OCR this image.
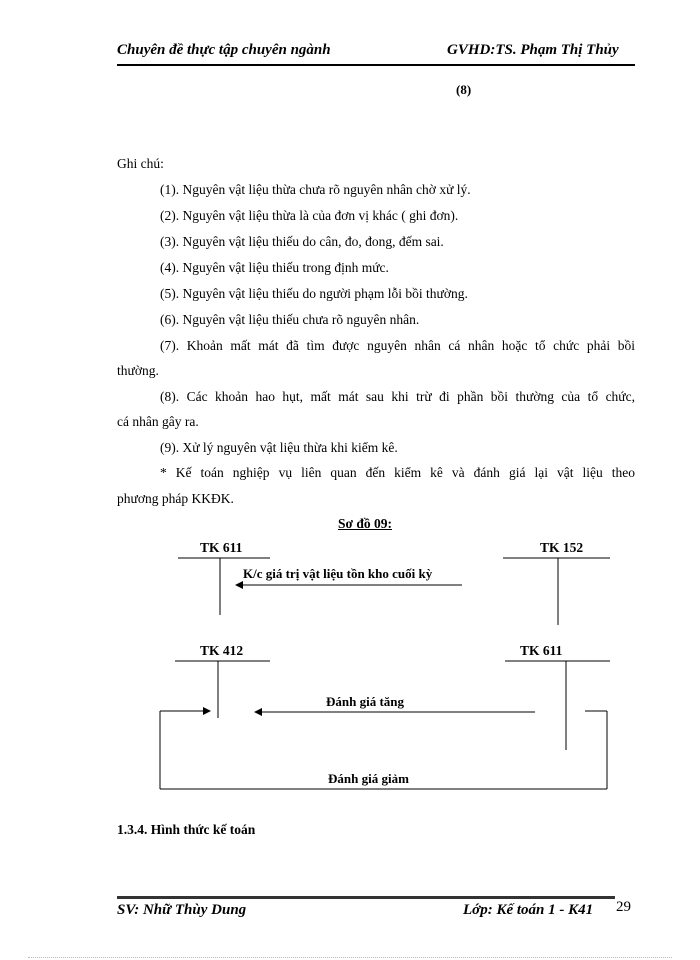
Chuyên đề thực tập chuyên ngành	GVHD:TS. Phạm Thị Thủy
(8)
Ghi chú:
(1). Nguyên vật liệu thừa chưa rõ nguyên nhân chờ xử lý.
(2). Nguyên vật liệu thừa là của đơn vị khác ( ghi đơn).
(3). Nguyên vật liệu thiếu do cân, đo, đong, đếm sai.
(4). Nguyên vật liệu thiếu trong định mức.
(5). Nguyên vật liệu thiếu do người phạm lỗi bồi thường.
(6). Nguyên vật liệu thiếu chưa rõ nguyên nhân.
(7). Khoản mất mát đã tìm được nguyên nhân cá nhân hoặc tổ chức phải bồi
thường.
(8). Các khoản hao hụt, mất mát sau khi trừ đi phần bồi thường của tổ chức,
cá nhân gây ra.
(9). Xử lý nguyên vật liệu thừa khi kiểm kê.
* Kế toán nghiệp vụ liên quan đến kiểm kê và đánh giá lại vật liệu theo
phương pháp KKĐK.
Sơ đồ 09:
TK 611	TK 152
K/c giá trị vật liệu tồn kho cuối kỳ
TK 412	TK 611
Đánh giá tăng
Đánh giá giảm
1.3.4. Hình thức kế toán
SV: Nhữ Thùy Dung	Lớp: Kế toán 1 - K41 29
